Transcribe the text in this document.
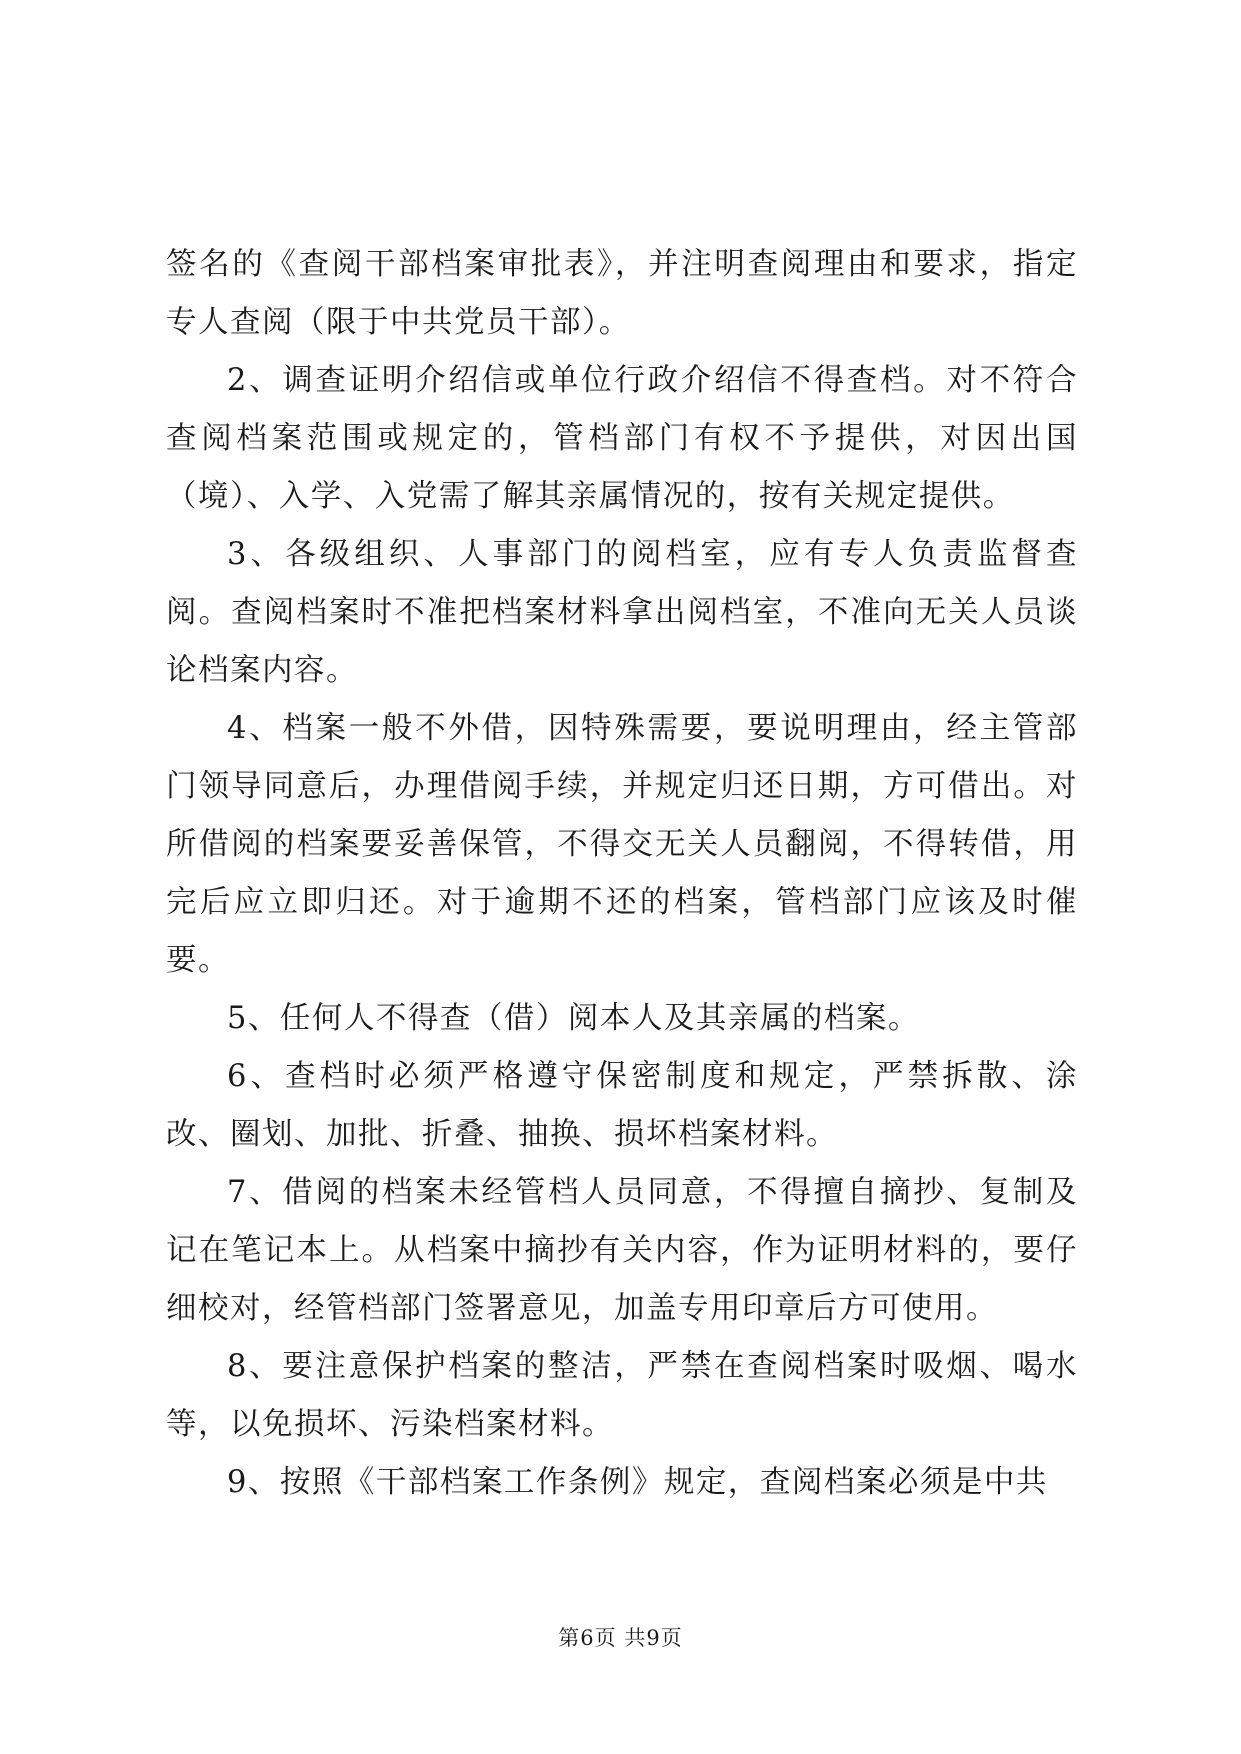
签名的《查阅干部档案审批表》，并注明查阅理由和要求，指定专人查阅（限于中共党员干部）。

2、调查证明介绍信或单位行政介绍信不得查档。对不符合查阅档案范围或规定的，管档部门有权不予提供，对因出国（境）、入学、入党需了解其亲属情况的，按有关规定提供。

3、各级组织、人事部门的阅档室，应有专人负责监督查阅。查阅档案时不准把档案材料拿出阅档室，不准向无关人员谈论档案内容。

4、档案一般不外借，因特殊需要，要说明理由，经主管部门领导同意后，办理借阅手续，并规定归还日期，方可借出。对所借阅的档案要妥善保管，不得交无关人员翻阅，不得转借，用完后应立即归还。对于逾期不还的档案，管档部门应该及时催要。

5、任何人不得查（借）阅本人及其亲属的档案。

6、查档时必须严格遵守保密制度和规定，严禁拆散、涂改、圈划、加批、折叠、抽换、损坏档案材料。

7、借阅的档案未经管档人员同意，不得擅自摘抄、复制及记在笔记本上。从档案中摘抄有关内容，作为证明材料的，要仔细校对，经管档部门签署意见，加盖专用印章后方可使用。

8、要注意保护档案的整洁，严禁在查阅档案时吸烟、喝水等，以免损坏、污染档案材料。

9、按照《干部档案工作条例》规定，查阅档案必须是中共

第6页 共9页
